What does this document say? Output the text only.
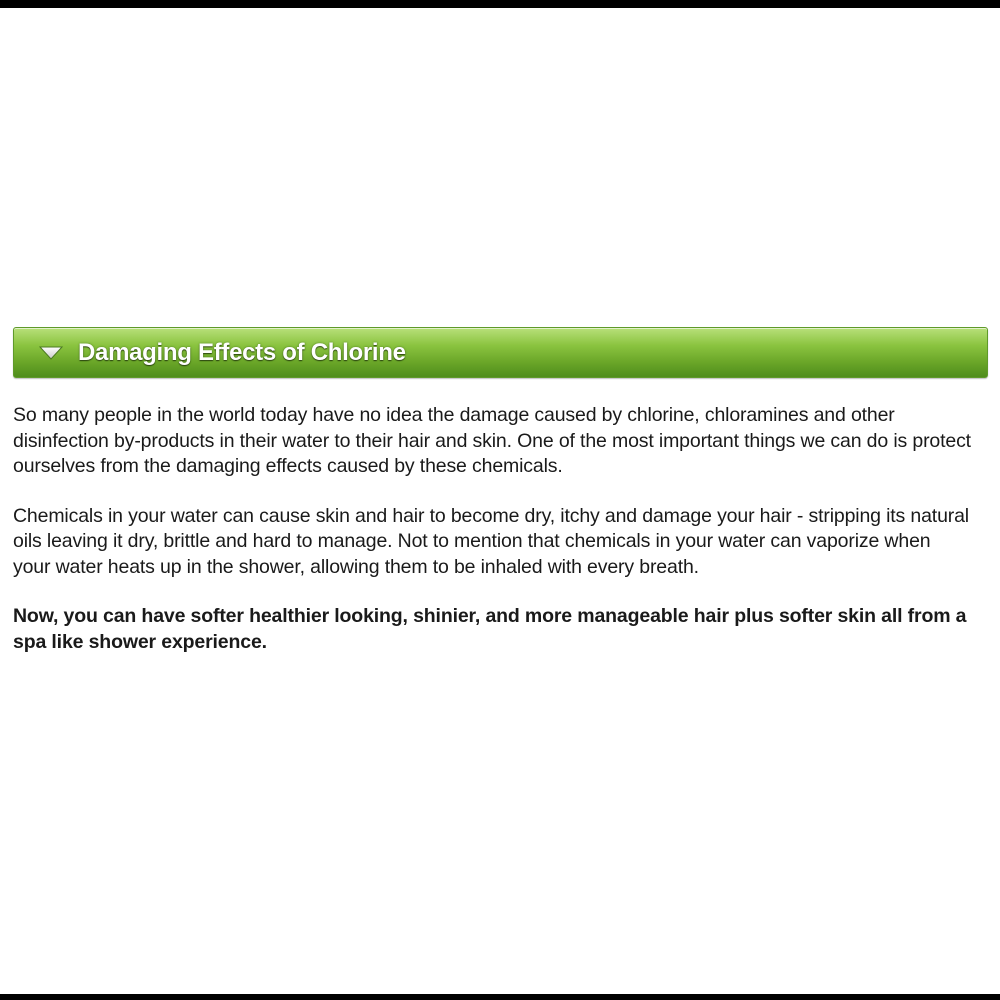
Damaging Effects of Chlorine

So many people in the world today have no idea the damage caused by chlorine, chloramines and other disinfection by-products in their water to their hair and skin. One of the most important things we can do is protect ourselves from the damaging effects caused by these chemicals.

Chemicals in your water can cause skin and hair to become dry, itchy and damage your hair - stripping its natural oils leaving it dry, brittle and hard to manage. Not to mention that chemicals in your water can vaporize when your water heats up in the shower, allowing them to be inhaled with every breath.

Now, you can have softer healthier looking, shinier, and more manageable hair plus softer skin all from a spa like shower experience.
